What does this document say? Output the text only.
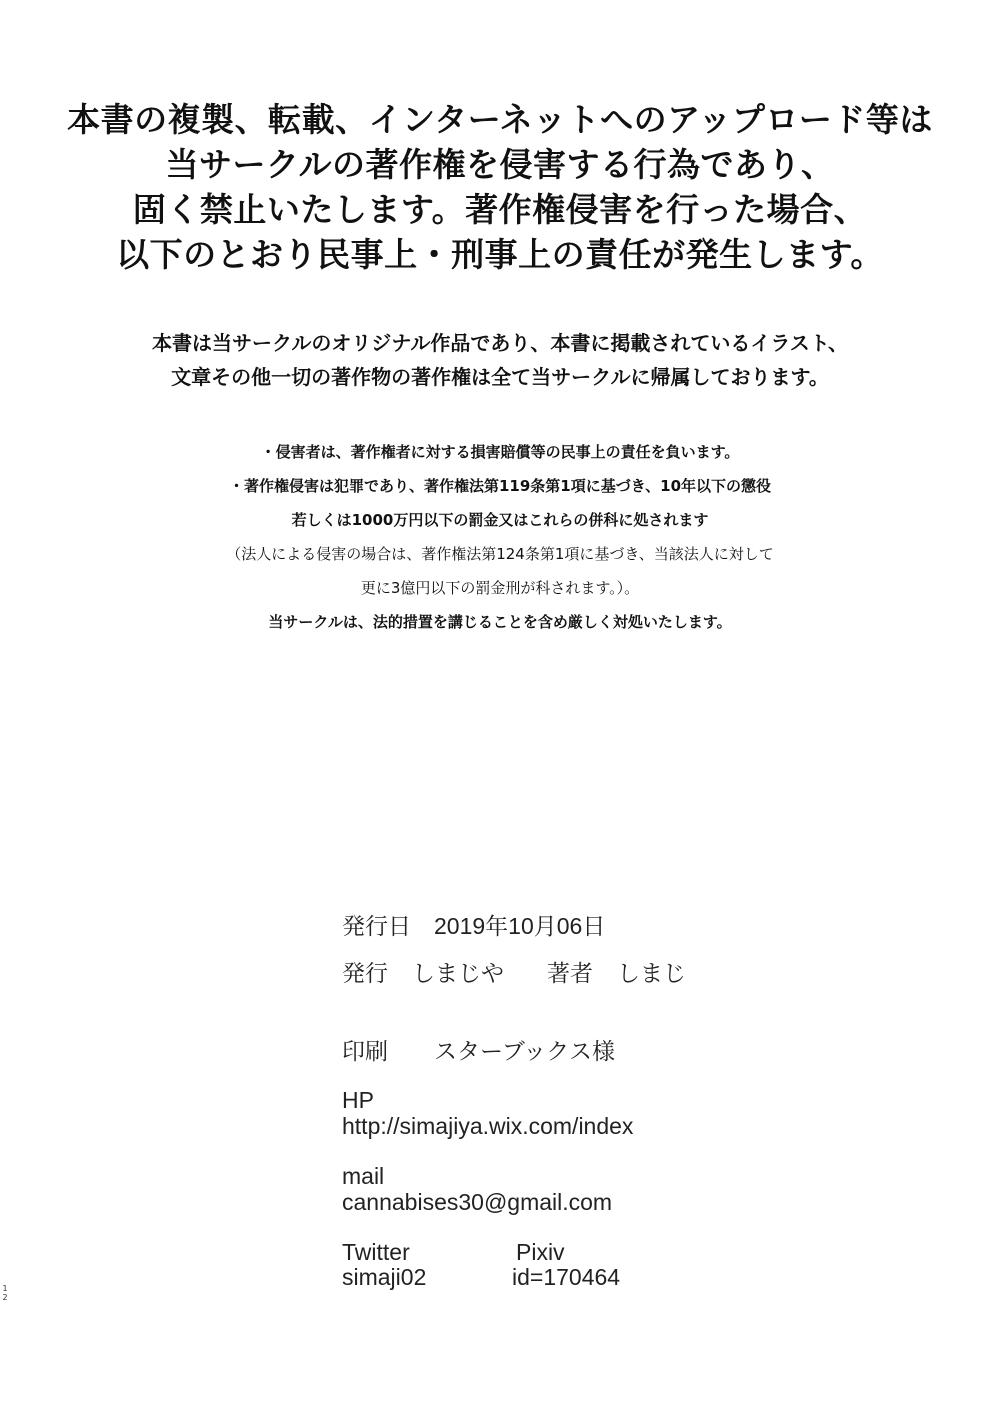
本書の複製、転載、インターネットへのアップロード等は
当サークルの著作権を侵害する行為であり、
固く禁止いたします。著作権侵害を行った場合、
以下のとおり民事上・刑事上の責任が発生します。
本書は当サークルのオリジナル作品であり、本書に掲載されているイラスト、
文章その他一切の著作物の著作権は全て当サークルに帰属しております。
・侵害者は、著作権者に対する損害賠償等の民事上の責任を負います。
・著作権侵害は犯罪であり、著作権法第119条第1項に基づき、10年以下の懲役
若しくは1000万円以下の罰金又はこれらの併科に処されます
（法人による侵害の場合は、著作権法第124条第1項に基づき、当該法人に対して
更に3億円以下の罰金刑が科されます。）。
当サークルは、法的措置を講じることを含め厳しく対処いたします。
発行日 2019年10月06日
発行 しまじや 著者 しまじ
印刷 スターブックス様
HP
http://simajiya.wix.com/index
mail
cannabises30@gmail.com
Twitter
simaji02
Pixiv
id=170464
12
